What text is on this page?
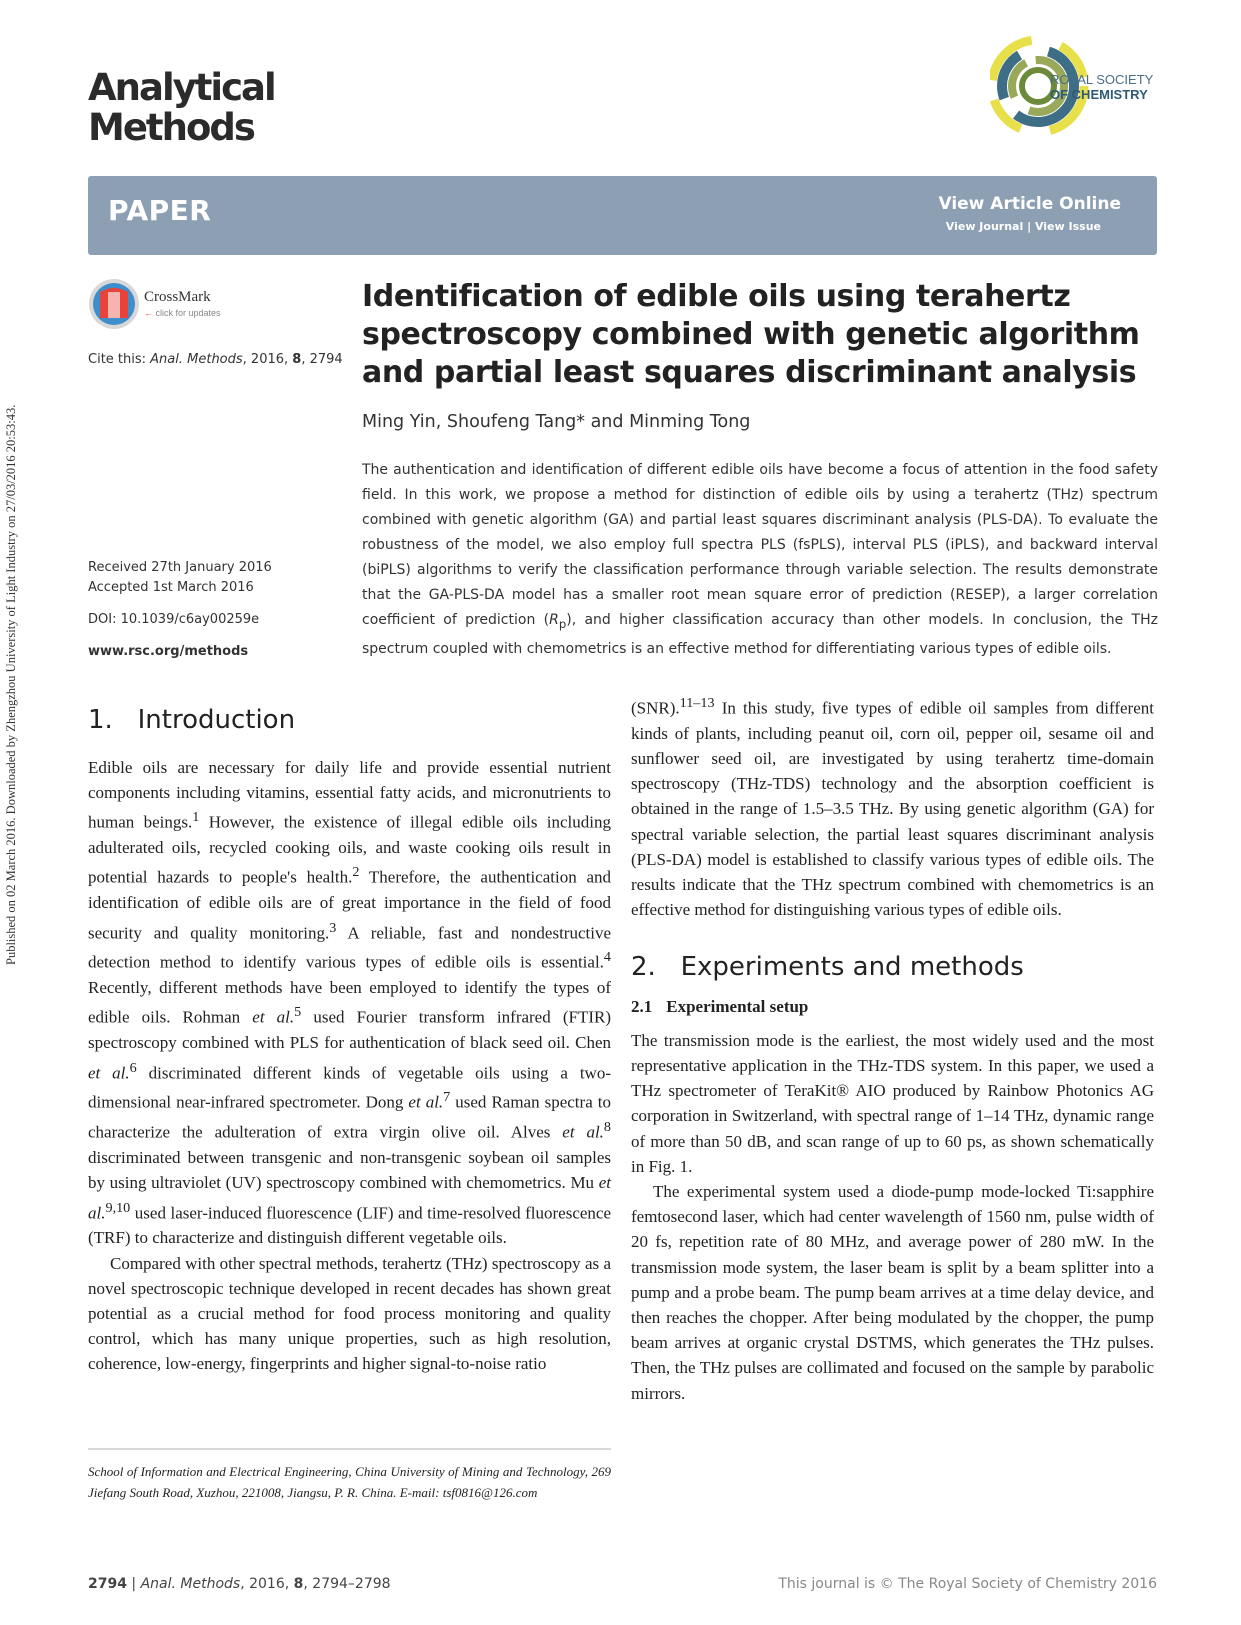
Published on 02 March 2016. Downloaded by Zhengzhou University of Light Industry on 27/03/2016 20:53:43.
Analytical
Methods
ROYAL SOCIETY
OF CHEMISTRY
PAPER	View Article Online
View Journal | View Issue
CrossMark
← click for updates
Cite this: Anal. Methods, 2016, 8, 2794
Received 27th January 2016
Accepted 1st March 2016
DOI: 10.1039/c6ay00259e
www.rsc.org/methods
Identification of edible oils using terahertz spectroscopy combined with genetic algorithm and partial least squares discriminant analysis
Ming Yin, Shoufeng Tang* and Minming Tong
The authentication and identification of different edible oils have become a focus of attention in the food safety field. In this work, we propose a method for distinction of edible oils by using a terahertz (THz) spectrum combined with genetic algorithm (GA) and partial least squares discriminant analysis (PLS-DA). To evaluate the robustness of the model, we also employ full spectra PLS (fsPLS), interval PLS (iPLS), and backward interval (biPLS) algorithms to verify the classification performance through variable selection. The results demonstrate that the GA-PLS-DA model has a smaller root mean square error of prediction (RESEP), a larger correlation coefficient of prediction $(R_p)$, and higher classification accuracy than other models. In conclusion, the THz spectrum coupled with chemometrics is an effective method for differentiating various types of edible oils.
1. Introduction

Edible oils are necessary for daily life and provide essential nutrient components including vitamins, essential fatty acids, and micronutrients to human beings.$^1$ However, the existence of illegal edible oils including adulterated oils, recycled cooking oils, and waste cooking oils result in potential hazards to people's health.$^2$ Therefore, the authentication and identification of edible oils are of great importance in the field of food security and quality monitoring.$^3$ A reliable, fast and nondestructive detection method to identify various types of edible oils is essential.$^4$ Recently, different methods have been employed to identify the types of edible oils. Rohman et al.$^5$ used Fourier transform infrared (FTIR) spectroscopy combined with PLS for authentication of black seed oil. Chen et al.$^6$ discriminated different kinds of vegetable oils using a two-dimensional near-infrared spectrometer. Dong et al.$^7$ used Raman spectra to characterize the adulteration of extra virgin olive oil. Alves et al.$^8$ discriminated between transgenic and non-transgenic soybean oil samples by using ultraviolet (UV) spectroscopy combined with chemometrics. Mu et al.$^{9,10}$ used laser-induced fluorescence (LIF) and time-resolved fluorescence (TRF) to characterize and distinguish different vegetable oils.

Compared with other spectral methods, terahertz (THz) spectroscopy as a novel spectroscopic technique developed in recent decades has shown great potential as a crucial method for food process monitoring and quality control, which has many unique properties, such as high resolution, coherence, low-energy, fingerprints and higher signal-to-noise ratio

School of Information and Electrical Engineering, China University of Mining and Technology, 269 Jiefang South Road, Xuzhou, 221008, Jiangsu, P. R. China. E-mail: tsf0816@126.com

(SNR).$^{11-13}$ In this study, five types of edible oil samples from different kinds of plants, including peanut oil, corn oil, pepper oil, sesame oil and sunflower seed oil, are investigated by using terahertz time-domain spectroscopy (THz-TDS) technology and the absorption coefficient is obtained in the range of 1.5–3.5 THz. By using genetic algorithm (GA) for spectral variable selection, the partial least squares discriminant analysis (PLS-DA) model is established to classify various types of edible oils. The results indicate that the THz spectrum combined with chemometrics is an effective method for distinguishing various types of edible oils.

2. Experiments and methods
2.1 Experimental setup

The transmission mode is the earliest, the most widely used and the most representative application in the THz-TDS system. In this paper, we used a THz spectrometer of TeraKit® AIO produced by Rainbow Photonics AG corporation in Switzerland, with spectral range of 1–14 THz, dynamic range of more than 50 dB, and scan range of up to 60 ps, as shown schematically in Fig. 1.

The experimental system used a diode-pump mode-locked Ti:sapphire femtosecond laser, which had center wavelength of 1560 nm, pulse width of 20 fs, repetition rate of 80 MHz, and average power of 280 mW. In the transmission mode system, the laser beam is split by a beam splitter into a pump and a probe beam. The pump beam arrives at a time delay device, and then reaches the chopper. After being modulated by the chopper, the pump beam arrives at organic crystal DSTMS, which generates the THz pulses. Then, the THz pulses are collimated and focused on the sample by parabolic mirrors.

2794 | Anal. Methods, 2016, 8, 2794–2798	This journal is © The Royal Society of Chemistry 2016
